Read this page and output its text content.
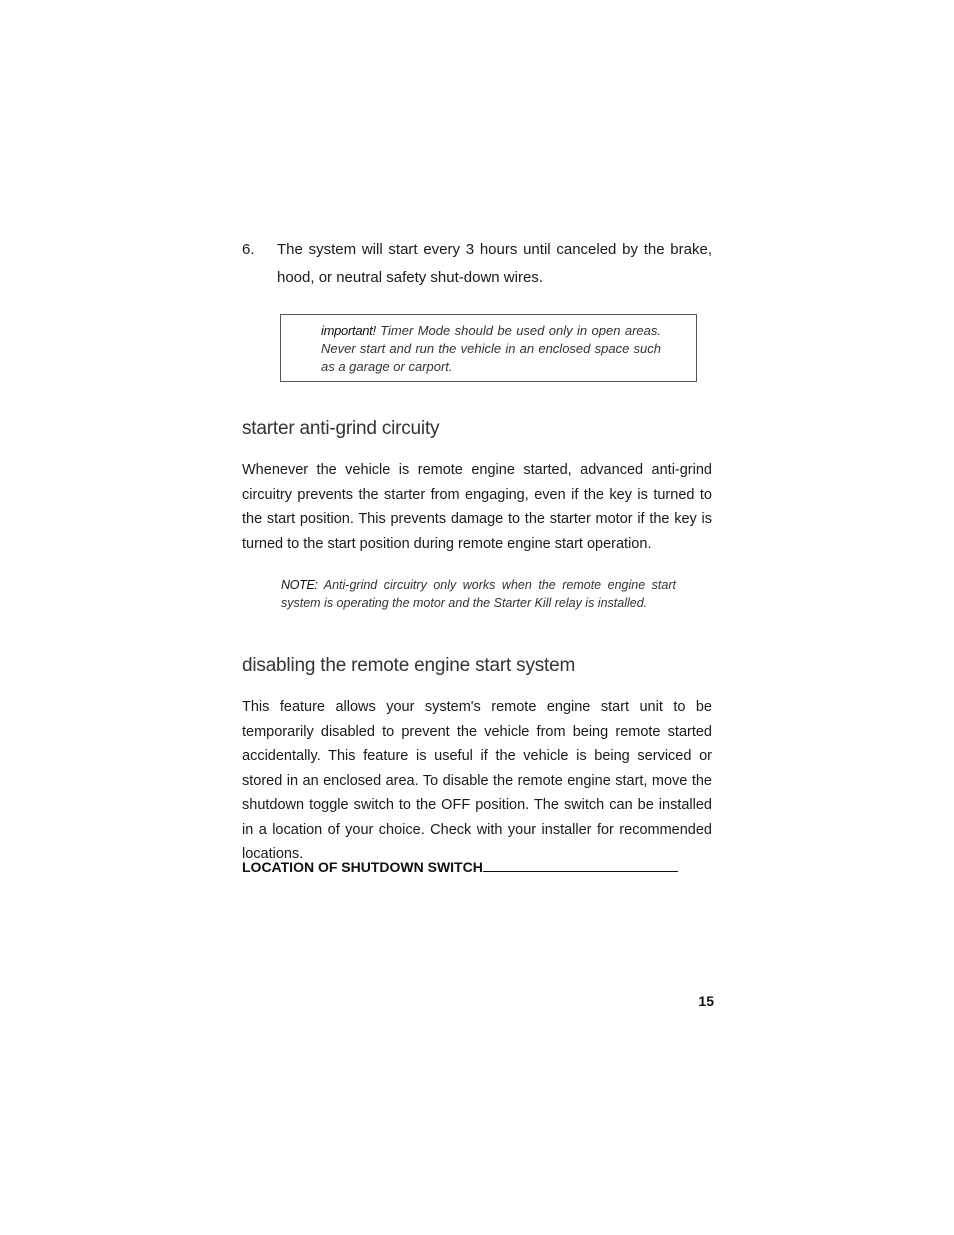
6.	The system will start every 3 hours until canceled by the brake, hood, or neutral safety shut-down wires.
important! Timer Mode should be used only in open areas. Never start and run the vehicle in an enclosed space such as a garage or carport.
starter anti-grind circuity

Whenever the vehicle is remote engine started, advanced anti-grind circuitry prevents the starter from engaging, even if the key is turned to the start position. This prevents damage to the starter motor if the key is turned to the start position during remote engine start operation.

NOTE: Anti-grind circuitry only works when the remote engine start system is operating the motor and the Starter Kill relay is installed.

disabling the remote engine start system

This feature allows your system's remote engine start unit to be temporarily disabled to prevent the vehicle from being remote started accidentally. This feature is useful if the vehicle is being serviced or stored in an enclosed area. To disable the remote engine start, move the shutdown toggle switch to the OFF position. The switch can be installed in a location of your choice. Check with your installer for recommended locations.

LOCATION OF SHUTDOWN SWITCH
15
